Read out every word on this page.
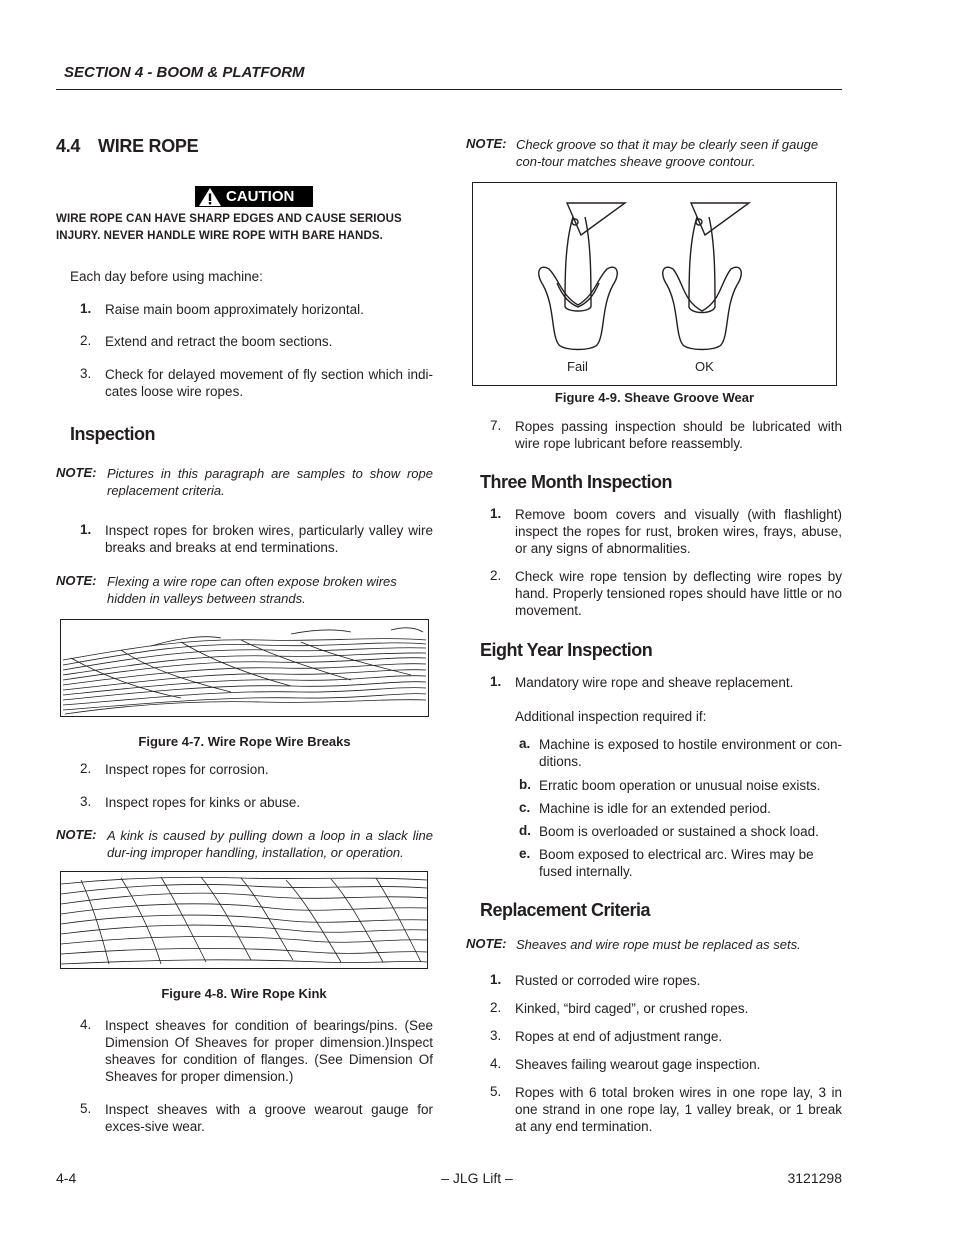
SECTION 4 - BOOM & PLATFORM
4.4 WIRE ROPE
CAUTION
WIRE ROPE CAN HAVE SHARP EDGES AND CAUSE SERIOUS INJURY. NEVER HANDLE WIRE ROPE WITH BARE HANDS.
Each day before using machine:
1. Raise main boom approximately horizontal.
2. Extend and retract the boom sections.
3. Check for delayed movement of fly section which indi-cates loose wire ropes.
Inspection
NOTE: Pictures in this paragraph are samples to show rope replacement criteria.
1. Inspect ropes for broken wires, particularly valley wire breaks and breaks at end terminations.
NOTE: Flexing a wire rope can often expose broken wires hidden in valleys between strands.
Figure 4-7. Wire Rope Wire Breaks
2. Inspect ropes for corrosion.
3. Inspect ropes for kinks or abuse.
NOTE: A kink is caused by pulling down a loop in a slack line dur-ing improper handling, installation, or operation.
Figure 4-8. Wire Rope Kink
4. Inspect sheaves for condition of bearings/pins. (See Dimension Of Sheaves for proper dimension.)Inspect sheaves for condition of flanges. (See Dimension Of Sheaves for proper dimension.)
5. Inspect sheaves with a groove wearout gauge for exces-sive wear.
NOTE: Check groove so that it may be clearly seen if gauge con-tour matches sheave groove contour.
Fail	OK
Figure 4-9. Sheave Groove Wear
7. Ropes passing inspection should be lubricated with wire rope lubricant before reassembly.
Three Month Inspection
1. Remove boom covers and visually (with flashlight) inspect the ropes for rust, broken wires, frays, abuse, or any signs of abnormalities.
2. Check wire rope tension by deflecting wire ropes by hand. Properly tensioned ropes should have little or no movement.
Eight Year Inspection
1. Mandatory wire rope and sheave replacement.
Additional inspection required if:
a. Machine is exposed to hostile environment or con-ditions.
b. Erratic boom operation or unusual noise exists.
c. Machine is idle for an extended period.
d. Boom is overloaded or sustained a shock load.
e. Boom exposed to electrical arc. Wires may be fused internally.
Replacement Criteria
NOTE: Sheaves and wire rope must be replaced as sets.
1. Rusted or corroded wire ropes.
2. Kinked, “bird caged”, or crushed ropes.
3. Ropes at end of adjustment range.
4. Sheaves failing wearout gage inspection.
5. Ropes with 6 total broken wires in one rope lay, 3 in one strand in one rope lay, 1 valley break, or 1 break at any end termination.
4-4	– JLG Lift –	3121298
